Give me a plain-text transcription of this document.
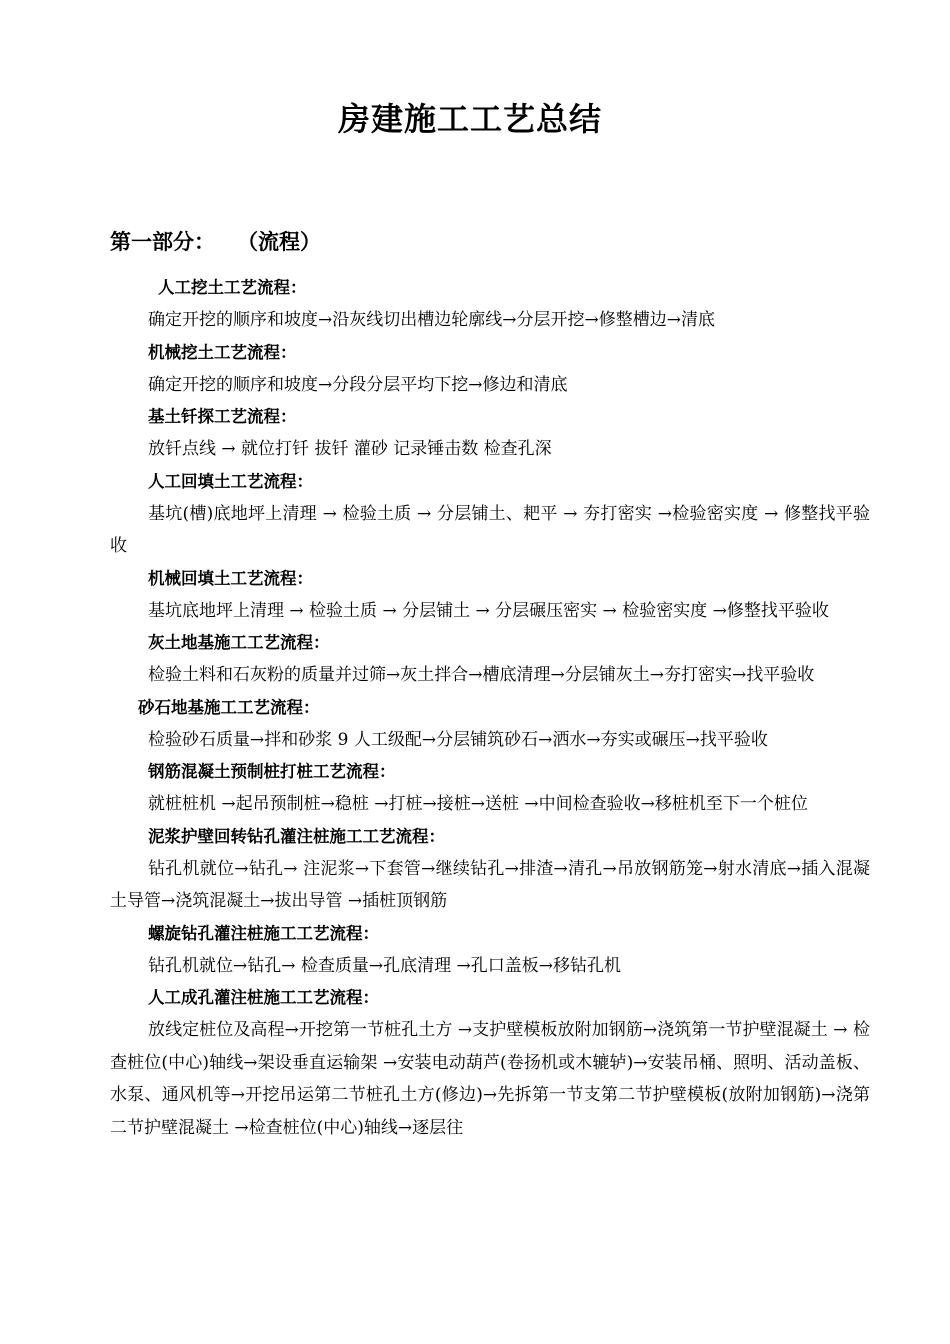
房建施工工艺总结
第一部分： （流程）
人工挖土工艺流程：

确定开挖的顺序和坡度→沿灰线切出槽边轮廓线→分层开挖→修整槽边→清底

机械挖土工艺流程：

确定开挖的顺序和坡度→分段分层平均下挖→修边和清底

基土钎探工艺流程：

放钎点线 → 就位打钎 拔钎 灌砂 记录锤击数 检查孔深

人工回填土工艺流程：

基坑(槽)底地坪上清理 → 检验土质 → 分层铺土、耙平 → 夯打密实 →检验密实度 → 修整找平验收

机械回填土工艺流程：

基坑底地坪上清理 → 检验土质 → 分层铺土 → 分层碾压密实 → 检验密实度 →修整找平验收

灰土地基施工工艺流程：

检验土料和石灰粉的质量并过筛→灰土拌合→槽底清理→分层铺灰土→夯打密实→找平验收

砂石地基施工工艺流程：

检验砂石质量→拌和砂浆 9 人工级配→分层铺筑砂石→洒水→夯实或碾压→找平验收

钢筋混凝土预制桩打桩工艺流程：

就桩桩机 →起吊预制桩→稳桩 →打桩→接桩→送桩 →中间检查验收→移桩机至下一个桩位

泥浆护壁回转钻孔灌注桩施工工艺流程：

钻孔机就位→钻孔→ 注泥浆→下套管→继续钻孔→排渣→清孔→吊放钢筋笼→射水清底→插入混凝土导管→浇筑混凝土→拔出导管 →插桩顶钢筋

螺旋钻孔灌注桩施工工艺流程：

钻孔机就位→钻孔→ 检查质量→孔底清理 →孔口盖板→移钻孔机

人工成孔灌注桩施工工艺流程：

放线定桩位及高程→开挖第一节桩孔土方 →支护壁模板放附加钢筋→浇筑第一节护壁混凝土 → 检查桩位(中心)轴线→架设垂直运输架 →安装电动葫芦(卷扬机或木辘轳)→安装吊桶、照明、活动盖板、水泵、通风机等→开挖吊运第二节桩孔土方(修边)→先拆第一节支第二节护壁模板(放附加钢筋)→浇第二节护壁混凝土 →检查桩位(中心)轴线→逐层往
